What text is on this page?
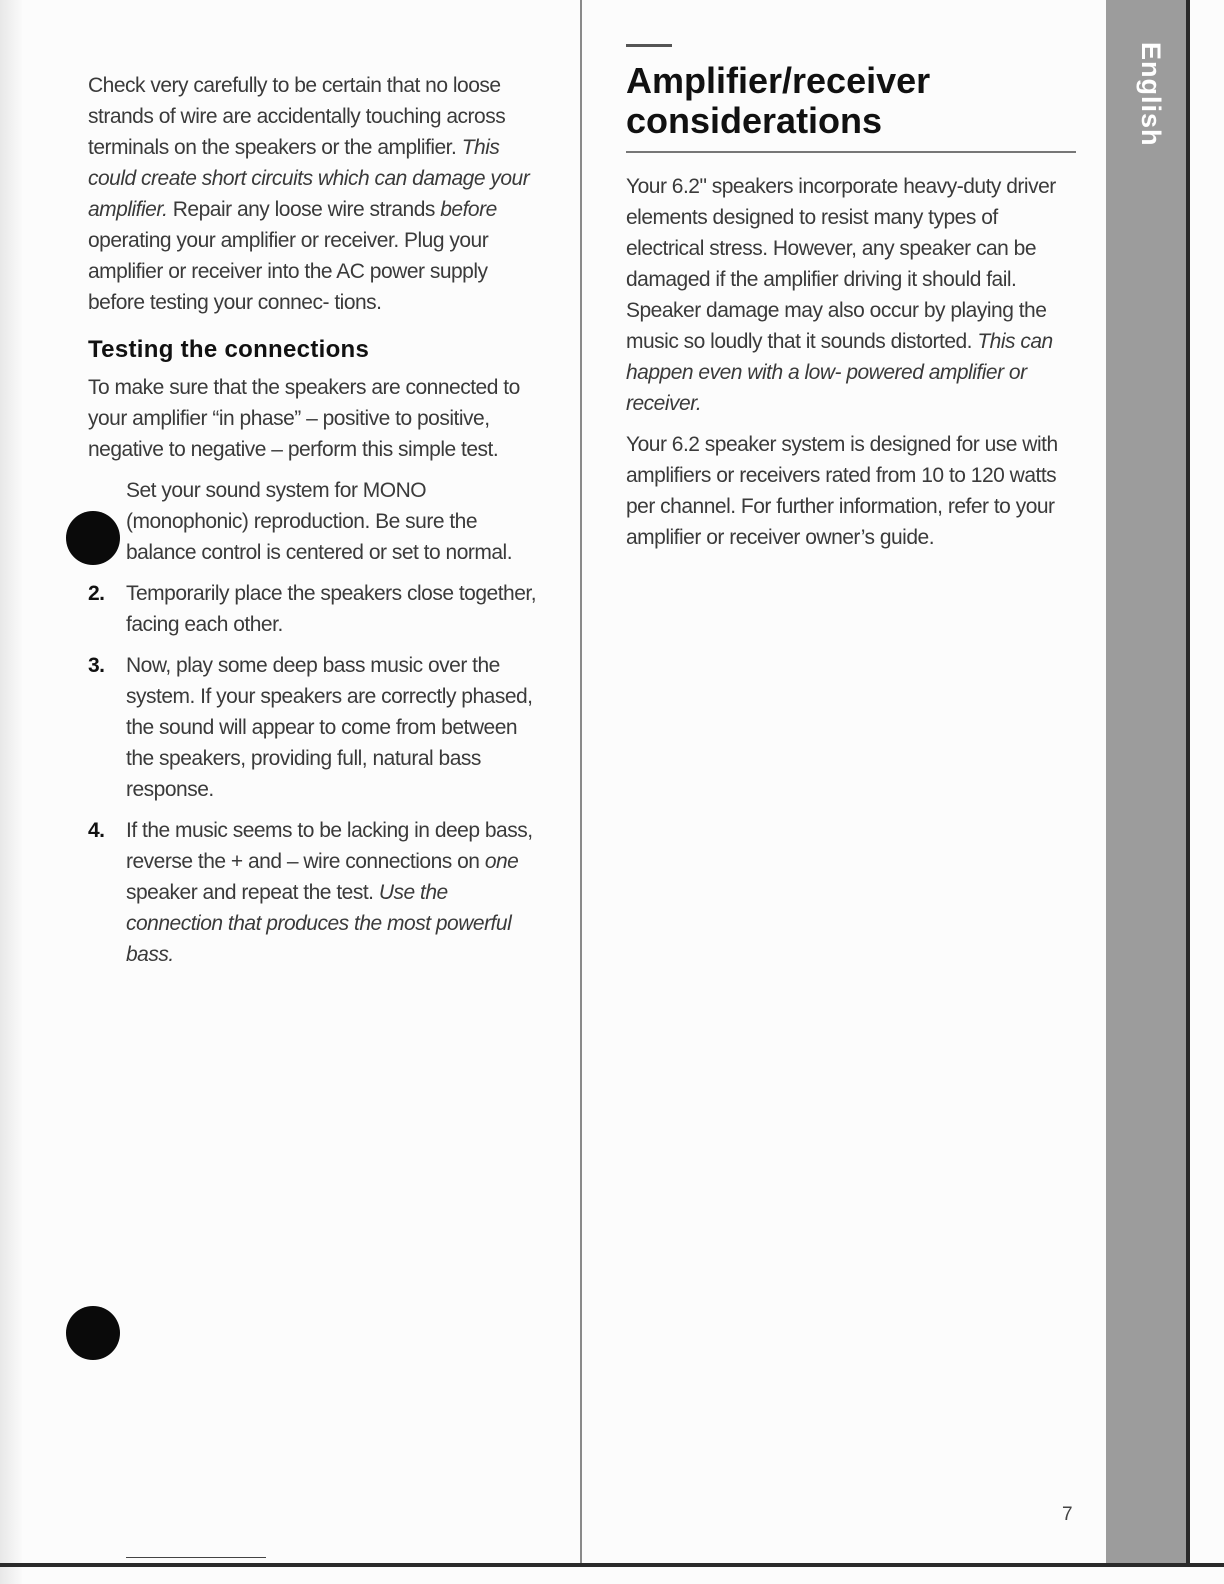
English

Check very carefully to be certain that no loose strands of wire are accidentally touching across terminals on the speakers or the amplifier. This could create short circuits which can damage your amplifier. Repair any loose wire strands before operating your amplifier or receiver. Plug your amplifier or receiver into the AC power supply before testing your connec- tions.

Testing the connections

To make sure that the speakers are connected to your amplifier “in phase” – positive to positive, negative to negative – perform this simple test.

Set your sound system for MONO (monophonic) reproduction. Be sure the balance control is centered or set to normal.
2.	Temporarily place the speakers close together, facing each other.
3.	Now, play some deep bass music over the system. If your speakers are correctly phased, the sound will appear to come from between the speakers, providing full, natural bass response.
4.	If the music seems to be lacking in deep bass, reverse the + and – wire connections on one speaker and repeat the test. Use the connection that produces the most powerful bass.
Amplifier/receiver considerations

Your 6.2ʺ speakers incorporate heavy-duty driver elements designed to resist many types of electrical stress. However, any speaker can be damaged if the amplifier driving it should fail. Speaker damage may also occur by playing the music so loudly that it sounds distorted. This can happen even with a low- powered amplifier or receiver.

Your 6.2 speaker system is designed for use with amplifiers or receivers rated from 10 to 120 watts per channel. For further information, refer to your amplifier or receiver owner’s guide.

7
